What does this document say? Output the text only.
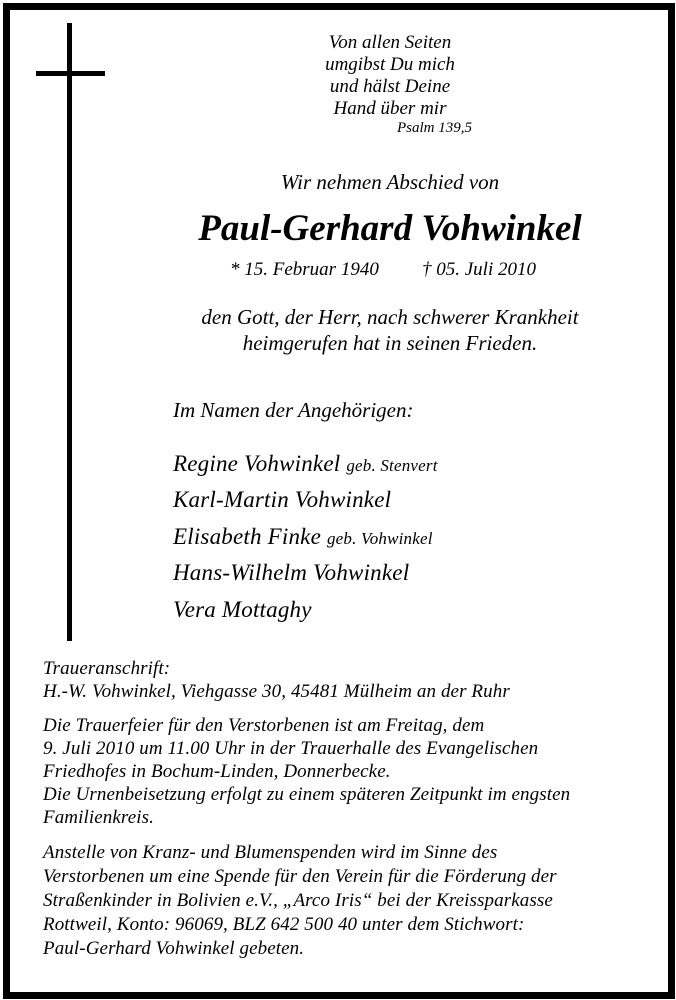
Von allen Seiten
umgibst Du mich
und hälst Deine
Hand über mir
Psalm 139,5
Wir nehmen Abschied von
Paul-Gerhard Vohwinkel
* 15. Februar 1940 † 05. Juli 2010
den Gott, der Herr, nach schwerer Krankheit
heimgerufen hat in seinen Frieden.
Im Namen der Angehörigen:
Regine Vohwinkel geb. Stenvert
Karl-Martin Vohwinkel
Elisabeth Finke geb. Vohwinkel
Hans-Wilhelm Vohwinkel
Vera Mottaghy
Traueranschrift:
H.-W. Vohwinkel, Viehgasse 30, 45481 Mülheim an der Ruhr
Die Trauerfeier für den Verstorbenen ist am Freitag, dem
9. Juli 2010 um 11.00 Uhr in der Trauerhalle des Evangelischen
Friedhofes in Bochum-Linden, Donnerbecke.
Die Urnenbeisetzung erfolgt zu einem späteren Zeitpunkt im engsten
Familienkreis.
Anstelle von Kranz- und Blumenspenden wird im Sinne des
Verstorbenen um eine Spende für den Verein für die Förderung der
Straßenkinder in Bolivien e.V., „Arco Iris“ bei der Kreissparkasse
Rottweil, Konto: 96069, BLZ 642 500 40 unter dem Stichwort:
Paul-Gerhard Vohwinkel gebeten.
